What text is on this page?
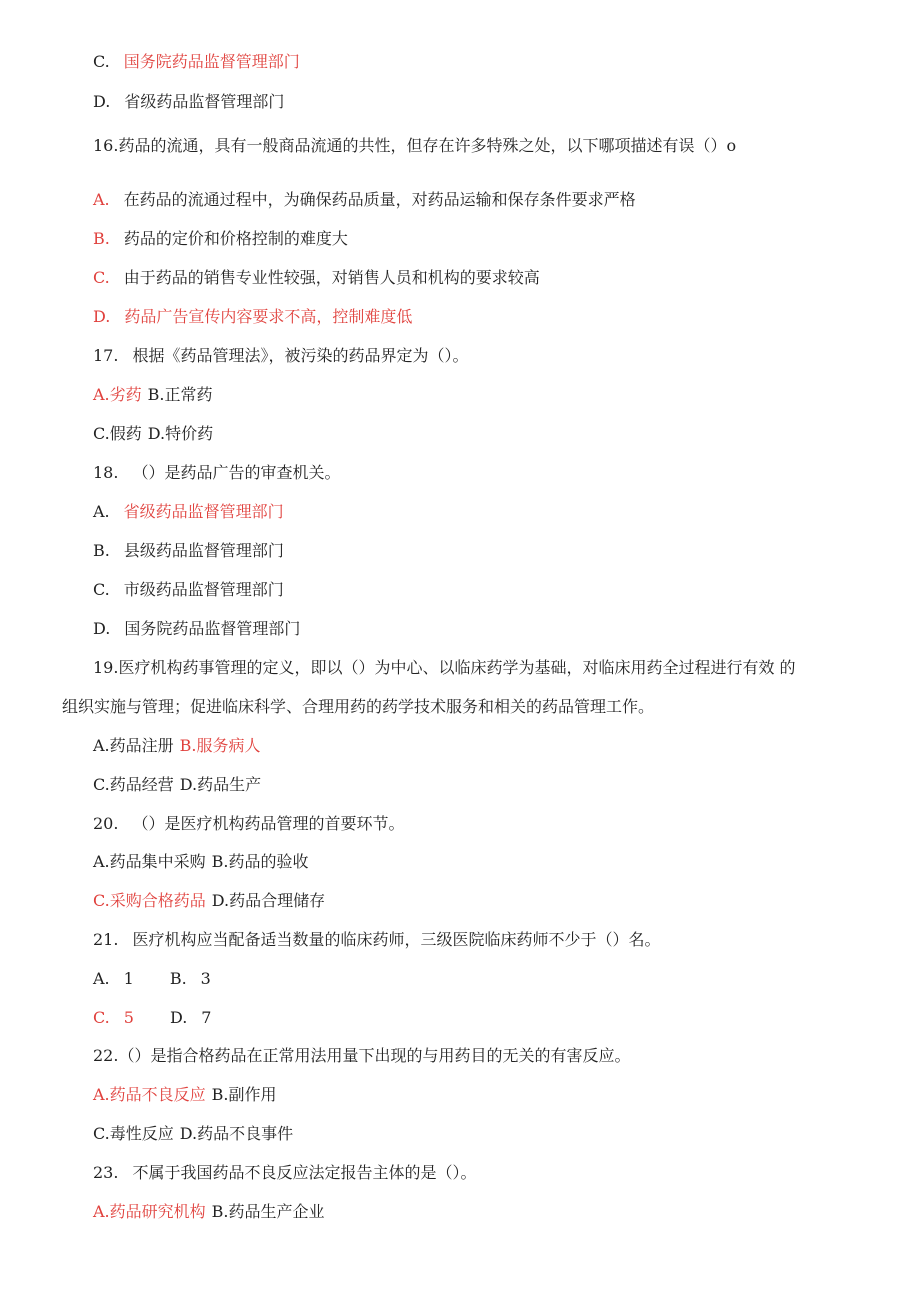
C. 国务院药品监督管理部门
D. 省级药品监督管理部门
16.药品的流通，具有一般商品流通的共性，但存在许多特殊之处，以下哪项描述有误（）o
A. 在药品的流通过程中，为确保药品质量，对药品运输和保存条件要求严格
B. 药品的定价和价格控制的难度大
C. 由于药品的销售专业性较强，对销售人员和机构的要求较高
D. 药品广告宣传内容要求不高，控制难度低
17. 根据《药品管理法》，被污染的药品界定为（）。
A.劣药 B.正常药
C.假药 D.特价药
18. （）是药品广告的审查机关。
A. 省级药品监督管理部门
B. 县级药品监督管理部门
C. 市级药品监督管理部门
D. 国务院药品监督管理部门
19.医疗机构药事管理的定义，即以（）为中心、以临床药学为基础，对临床用药全过程进行有效 的
组织实施与管理；促进临床科学、合理用药的药学技术服务和相关的药品管理工作。
A.药品注册 B.服务病人
C.药品经营 D.药品生产
20. （）是医疗机构药品管理的首要环节。
A.药品集中采购 B.药品的验收
C.采购合格药品 D.药品合理储存
21. 医疗机构应当配备适当数量的临床药师，三级医院临床药师不少于（）名。
A. 1 B. 3
C. 5 D. 7
22.（）是指合格药品在正常用法用量下出现的与用药目的无关的有害反应。
A.药品不良反应 B.副作用
C.毒性反应 D.药品不良事件
23. 不属于我国药品不良反应法定报告主体的是（）。
A.药品研究机构 B.药品生产企业
